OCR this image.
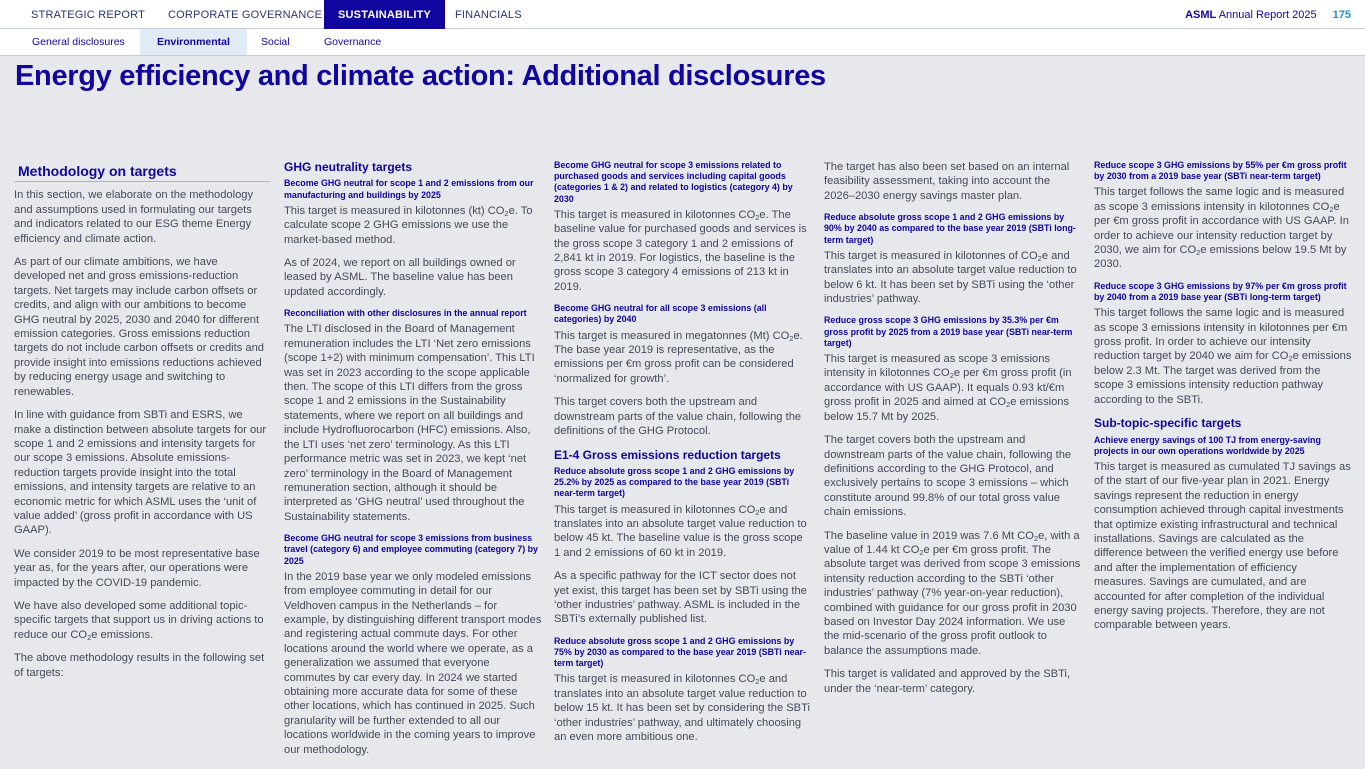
STRATEGIC REPORT CORPORATE GOVERNANCE	SUSTAINABILITY	FINANCIALS	ASML Annual Report 2025 175
General disclosures	Environmental	Social	Governance
Energy efficiency and climate action: Additional disclosures
Methodology on targets

In this section, we elaborate on the methodology and assumptions used in formulating our targets and indicators related to our ESG theme Energy efficiency and climate action.

As part of our climate ambitions, we have developed net and gross emissions-reduction targets. Net targets may include carbon offsets or credits, and align with our ambitions to become GHG neutral by 2025, 2030 and 2040 for different emission categories. Gross emissions reduction targets do not include carbon offsets or credits and provide insight into emissions reductions achieved by reducing energy usage and switching to renewables.

In line with guidance from SBTi and ESRS, we make a distinction between absolute targets for our scope 1 and 2 emissions and intensity targets for our scope 3 emissions. Absolute emissions-reduction targets provide insight into the total emissions, and intensity targets are relative to an economic metric for which ASML uses the ‘unit of value added’ (gross profit in accordance with US GAAP).

We consider 2019 to be most representative base year as, for the years after, our operations were impacted by the COVID-19 pandemic.

We have also developed some additional topic-specific targets that support us in driving actions to reduce our $CO_2e$ emissions.

The above methodology results in the following set of targets:

GHG neutrality targets
Become GHG neutral for scope 1 and 2 emissions from our manufacturing and buildings by 2025

This target is measured in kilotonnes (kt) $CO_2e$. To calculate scope 2 GHG emissions we use the market-based method.

As of 2024, we report on all buildings owned or leased by ASML. The baseline value has been updated accordingly.

Reconciliation with other disclosures in the annual report

The LTI disclosed in the Board of Management remuneration includes the LTI ‘Net zero emissions (scope 1+2) with minimum compensation’. This LTI was set in 2023 according to the scope applicable then. The scope of this LTI differs from the gross scope 1 and 2 emissions in the Sustainability statements, where we report on all buildings and include Hydrofluorocarbon (HFC) emissions. Also, the LTI uses ‘net zero’ terminology. As this LTI performance metric was set in 2023, we kept ‘net zero’ terminology in the Board of Management remuneration section, although it should be interpreted as ‘GHG neutral’ used throughout the Sustainability statements.

Become GHG neutral for scope 3 emissions from business travel (category 6) and employee commuting (category 7) by 2025

In the 2019 base year we only modeled emissions from employee commuting in detail for our Veldhoven campus in the Netherlands – for example, by distinguishing different transport modes and registering actual commute days. For other locations around the world where we operate, as a generalization we assumed that everyone commutes by car every day. In 2024 we started obtaining more accurate data for some of these other locations, which has continued in 2025. Such granularity will be further extended to all our locations worldwide in the coming years to improve our methodology.

Become GHG neutral for scope 3 emissions related to purchased goods and services including capital goods (categories 1 & 2) and related to logistics (category 4) by 2030

This target is measured in kilotonnes $CO_2e$. The baseline value for purchased goods and services is the gross scope 3 category 1 and 2 emissions of 2,841 kt in 2019. For logistics, the baseline is the gross scope 3 category 4 emissions of 213 kt in 2019.

Become GHG neutral for all scope 3 emissions (all categories) by 2040

This target is measured in megatonnes (Mt) $CO_2e$. The base year 2019 is representative, as the emissions per €m gross profit can be considered ‘normalized for growth’.

This target covers both the upstream and downstream parts of the value chain, following the definitions of the GHG Protocol.

E1-4 Gross emissions reduction targets
Reduce absolute gross scope 1 and 2 GHG emissions by 25.2% by 2025 as compared to the base year 2019 (SBTi near-term target)

This target is measured in kilotonnes $CO_2e$ and translates into an absolute target value reduction to below 45 kt. The baseline value is the gross scope 1 and 2 emissions of 60 kt in 2019.

As a specific pathway for the ICT sector does not yet exist, this target has been set by SBTi using the ‘other industries’ pathway. ASML is included in the SBTi’s externally published list.

Reduce absolute gross scope 1 and 2 GHG emissions by 75% by 2030 as compared to the base year 2019 (SBTi near-term target)

This target is measured in kilotonnes $CO_2e$ and translates into an absolute target value reduction to below 15 kt. It has been set by considering the SBTi ‘other industries’ pathway, and ultimately choosing an even more ambitious one.

The target has also been set based on an internal feasibility assessment, taking into account the 2026–2030 energy savings master plan.

Reduce absolute gross scope 1 and 2 GHG emissions by 90% by 2040 as compared to the base year 2019 (SBTi long-term target)

This target is measured in kilotonnes of $CO_2e$ and translates into an absolute target value reduction to below 6 kt. It has been set by SBTi using the ‘other industries’ pathway.

Reduce gross scope 3 GHG emissions by 35.3% per €m gross profit by 2025 from a 2019 base year (SBTi near-term target)

This target is measured as scope 3 emissions intensity in kilotonnes $CO_2e$ per €m gross profit (in accordance with US GAAP). It equals 0.93 kt/€m gross profit in 2025 and aimed at $CO_2e$ emissions below 15.7 Mt by 2025.

The target covers both the upstream and downstream parts of the value chain, following the definitions according to the GHG Protocol, and exclusively pertains to scope 3 emissions – which constitute around 99.8% of our total gross value chain emissions.

The baseline value in 2019 was 7.6 Mt $CO_2e$, with a value of 1.44 kt $CO_2e$ per €m gross profit. The absolute target was derived from scope 3 emissions intensity reduction according to the SBTi ‘other industries’ pathway (7% year-on-year reduction), combined with guidance for our gross profit in 2030 based on Investor Day 2024 information. We use the mid-scenario of the gross profit outlook to balance the assumptions made.

This target is validated and approved by the SBTi, under the ‘near-term’ category.

Reduce scope 3 GHG emissions by 55% per €m gross profit by 2030 from a 2019 base year (SBTi near-term target)

This target follows the same logic and is measured as scope 3 emissions intensity in kilotonnes $CO_2e$ per €m gross profit in accordance with US GAAP. In order to achieve our intensity reduction target by 2030, we aim for $CO_2e$ emissions below 19.5 Mt by 2030.

Reduce scope 3 GHG emissions by 97% per €m gross profit by 2040 from a 2019 base year (SBTi long-term target)

This target follows the same logic and is measured as scope 3 emissions intensity in kilotonnes per €m gross profit. In order to achieve our intensity reduction target by 2040 we aim for $CO_2e$ emissions below 2.3 Mt. The target was derived from the scope 3 emissions intensity reduction pathway according to the SBTi.

Sub-topic-specific targets
Achieve energy savings of 100 TJ from energy-saving projects in our own operations worldwide by 2025

This target is measured as cumulated TJ savings as of the start of our five-year plan in 2021. Energy savings represent the reduction in energy consumption achieved through capital investments that optimize existing infrastructural and technical installations. Savings are calculated as the difference between the verified energy use before and after the implementation of efficiency measures. Savings are cumulated, and are accounted for after completion of the individual energy saving projects. Therefore, they are not comparable between years.
